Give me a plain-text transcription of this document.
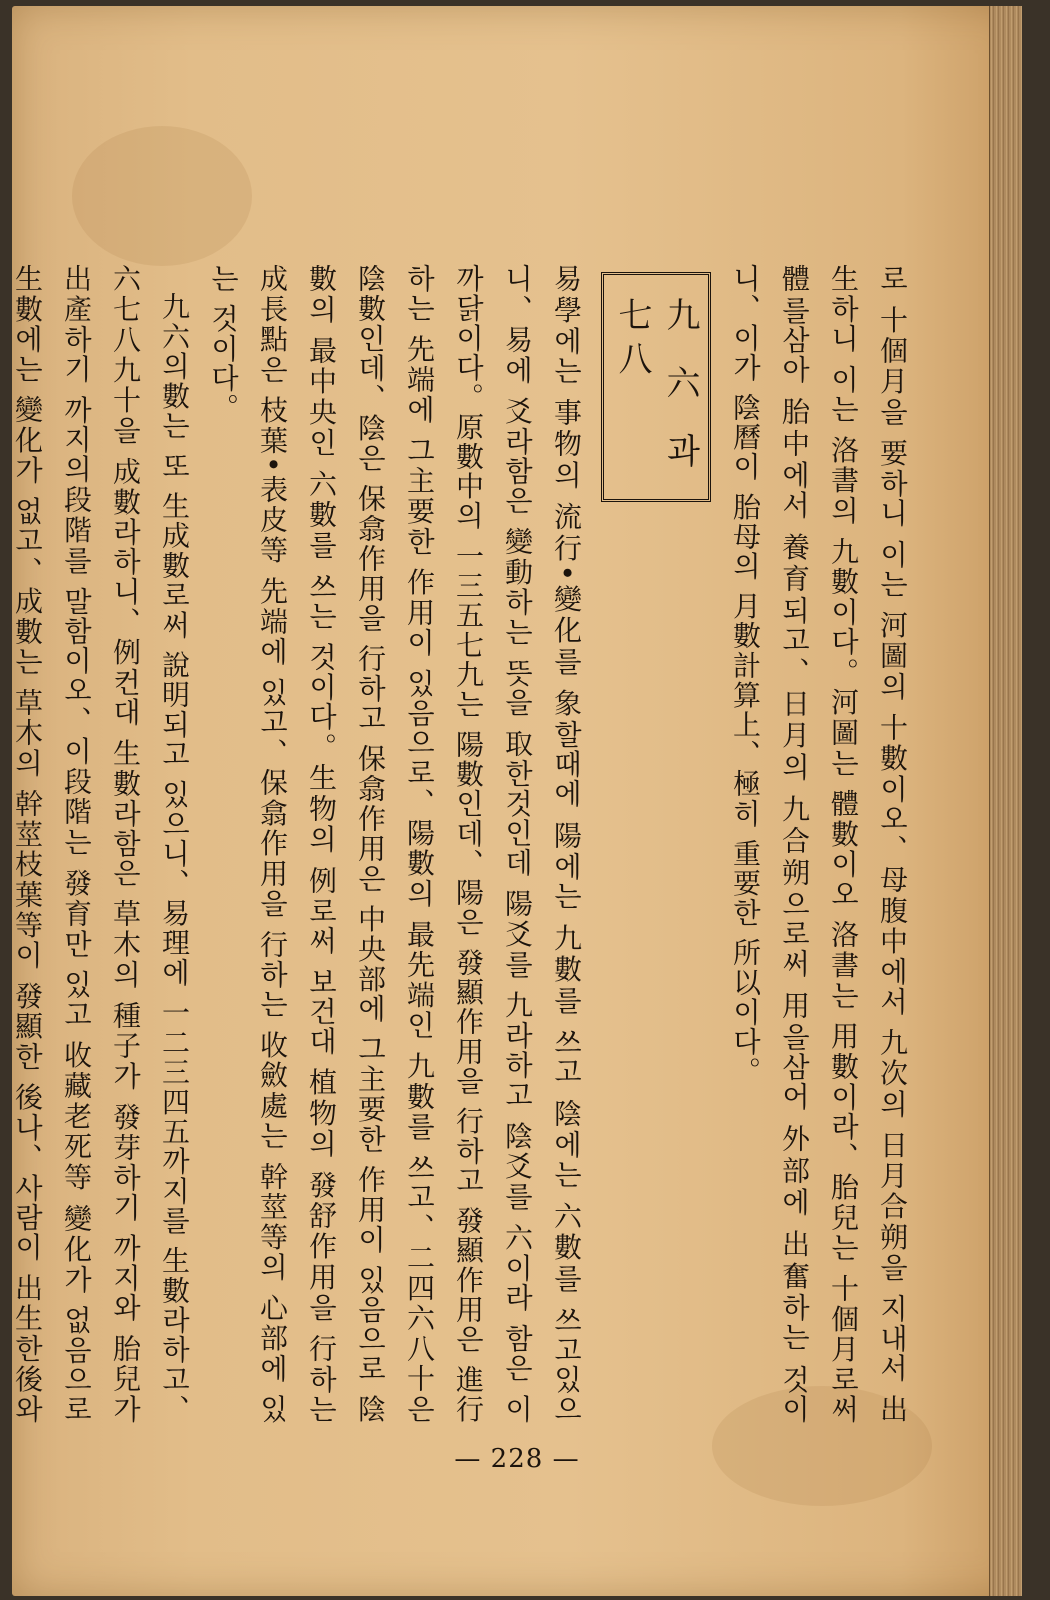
로 十個月을 要하니 이는 河圖의 十數이오、母腹中에서 九次의 日月合朔을 지내서 出生하니 이는 洛書의 九數이다。河圖는 體數이오 洛書는 用數이라、胎兒는 十個月로써 體를삼아 胎中에서 養育되고、日月의 九合朔으로써 用을삼어 外部에 出奮하는 것이니、이가 陰曆이 胎母의 月數計算上、極히 重要한 所以이다。

九六과 七八

易學에는 事物의 流行•變化를 象할때에 陽에는 九數를 쓰고 陰에는 六數를 쓰고있으니、易에 爻라함은 變動하는 뜻을 取한것인데 陽爻를 九라하고 陰爻를 六이라 함은 이 까닭이다。原數中의 一三五七九는 陽數인데、陽은 發顯作用을 行하고 發顯作用은 進行하는 先端에 그主要한 作用이 있음으로、陽數의 最先端인 九數를 쓰고、二四六八十은 陰數인데、陰은 保翕作用을 行하고 保翕作用은 中央部에 그主要한 作用이 있음으로 陰數의 最中央인 六數를 쓰는 것이다。生物의 例로써 보건대 植物의 發舒作用을 行하는 成長點은 枝葉•表皮等 先端에 있고、保翕作用을 行하는 收斂處는 幹莖等의 心部에 있는 것이다。

九六의數는 또 生成數로써 說明되고 있으니、易理에 一二三四五까지를 生數라하고、六七八九十을 成數라하니、例컨대 生數라함은 草木의 種子가 發芽하기 까지와 胎兒가 出產하기 까지의段階를 말함이오、이段階는 發育만 있고 收藏老死等 變化가 없음으로 生數에는 變化가 없고、成數는 草木의 幹莖枝葉等이 發顯한 後나、사람이 出生한後와

— 228 —
